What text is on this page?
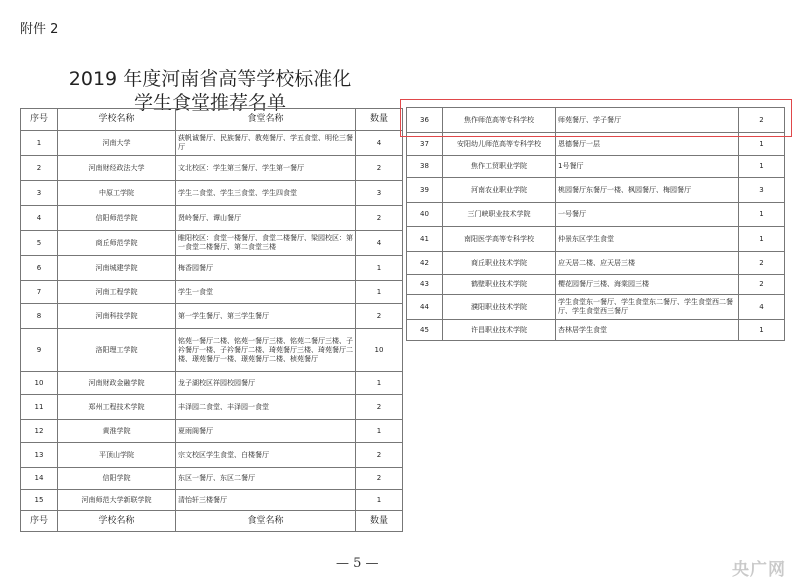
附件 2
2019 年度河南省高等学校标准化
学生食堂推荐名单
序号	学校名称	食堂名称	数量
1	河南大学	荻帆诚餐厅、民族餐厅、教苑餐厅、学五食堂、明伦三餐厅	4
2	河南财经政法大学	文北校区：学生第三餐厅、学生第一餐厅	2
3	中原工学院	学生二食堂、学生三食堂、学生四食堂	3
4	信阳师范学院	贤岭餐厅、谭山餐厅	2
5	商丘师范学院	睢阳校区：食堂一楼餐厅、食堂二楼餐厅、梁园校区：第一食堂二楼餐厅、第二食堂三楼	4
6	河南城建学院	梅香园餐厅	1
7	河南工程学院	学生一食堂	1
8	河南科技学院	第一学生餐厅、第三学生餐厅	2
9	洛阳理工学院	铭苑一餐厅二楼、铭苑一餐厅三楼、铭苑二餐厅三楼、子衿餐厅一楼、子衿餐厅二楼、琦苑餐厅三楼、琦苑餐厅二楼、璟苑餐厅一楼、璟苑餐厅二楼、桢苑餐厅	10
10	河南财政金融学院	龙子湖校区祥园校园餐厅	1
11	郑州工程技术学院	丰泽园二食堂、丰泽园一食堂	2
12	黄淮学院	夏雨阁餐厅	1
13	平顶山学院	宗文校区学生食堂、白楼餐厅	2
14	信阳学院	东区一餐厅、东区二餐厅	2
15	河南师范大学新联学院	清怡轩三楼餐厅	1
序号	学校名称	食堂名称	数量
36	焦作师范高等专科学校	师苑餐厅、学子餐厅	2
37	安阳幼儿师范高等专科学校	恩德餐厅一层	1
38	焦作工贸职业学院	1号餐厅	1
39	河南农业职业学院	桃园餐厅东餐厅一楼、枫园餐厅、梅园餐厅	3
40	三门峡职业技术学院	一号餐厅	1
41	南阳医学高等专科学校	仲景东区学生食堂	1
42	商丘职业技术学院	应天居二楼、应天居三楼	2
43	鹤壁职业技术学院	樱花园餐厅三楼、海棠园三楼	2
44	濮阳职业技术学院	学生食堂东一餐厅、学生食堂东二餐厅、学生食堂西二餐厅、学生食堂西三餐厅	4
45	许昌职业技术学院	杏林居学生食堂	1
— 5 —	央广网
